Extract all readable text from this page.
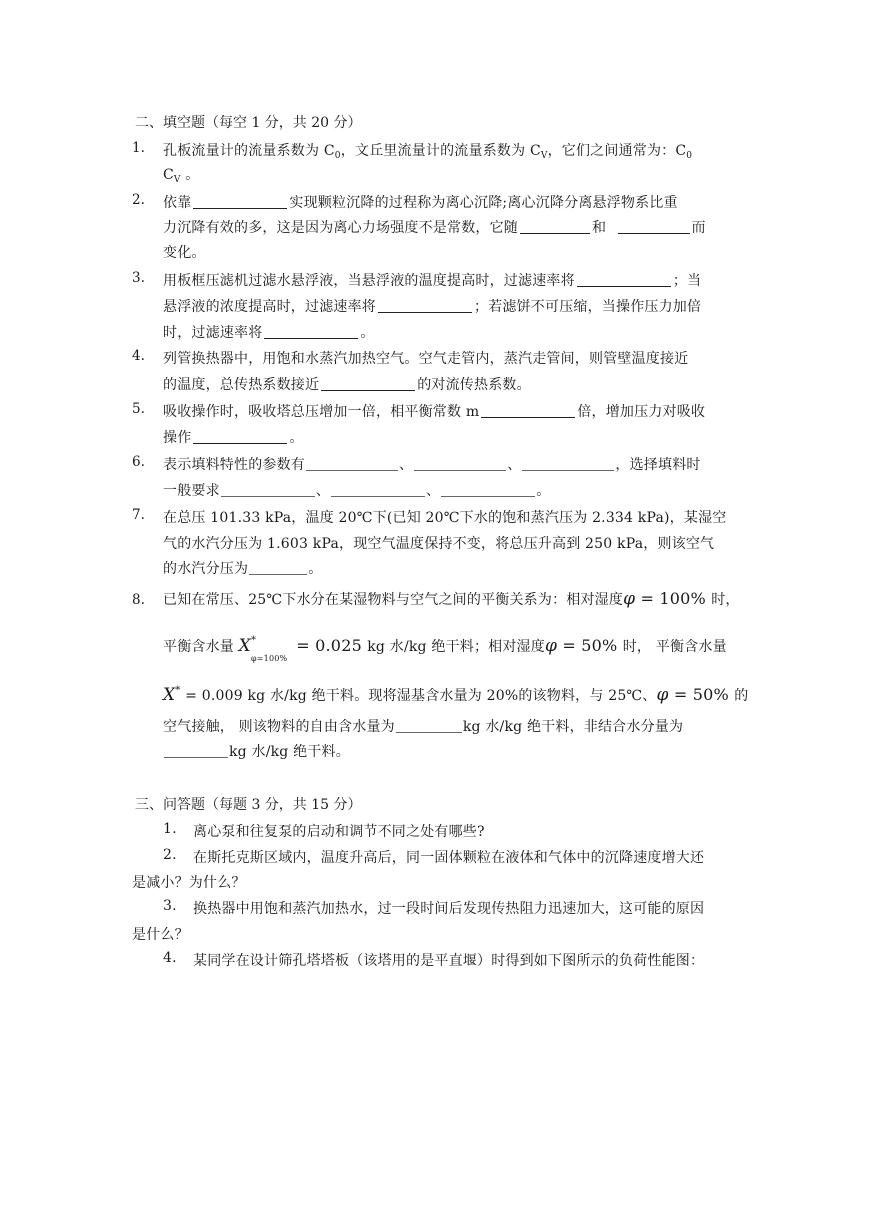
二、填空题（每空 1 分，共 20 分）
1. 孔板流量计的流量系数为 $C_0$，文丘里流量计的流量系数为 $C_V$，它们之间通常为：$C_0$
$C_V$ 。
2. 依靠	实现颗粒沉降的过程称为离心沉降;离心沉降分离悬浮物系比重
力沉降有效的多，这是因为离心力场强度不是常数，它随	和	而
变化。
3. 用板框压滤机过滤水悬浮液，当悬浮液的温度提高时，过滤速率将	；当
悬浮液的浓度提高时，过滤速率将	；若滤饼不可压缩，当操作压力加倍
时，过滤速率将	。
4. 列管换热器中，用饱和水蒸汽加热空气。空气走管内，蒸汽走管间，则管壁温度接近
的温度，总传热系数接近	的对流传热系数。
5. 吸收操作时，吸收塔总压增加一倍，相平衡常数 m	倍，增加压力对吸收
操作	。
6. 表示填料特性的参数有	、	、	，选择填料时
一般要求	、	、	。
7. 在总压 101.33 kPa，温度 20℃下(已知 20℃下水的饱和蒸汽压为 2.334 kPa)，某湿空
气的水汽分压为 1.603 kPa，现空气温度保持不变，将总压升高到 250 kPa，则该空气
的水汽分压为	。
8. 已知在常压、25℃下水分在某湿物料与空气之间的平衡关系为：相对湿度φ = 100% 时，
平衡含水量 X *
φ=100%
= 0.025 kg 水/kg 绝干料；相对湿度φ = 50% 时， 平衡含水量
X* = 0.009 kg 水/kg 绝干料。现将湿基含水量为 20%的该物料，与 25℃、φ = 50% 的
空气接触， 则该物料的自由含水量为	kg 水/kg 绝干料，非结合水分量为
kg 水/kg 绝干料。
三、问答题（每题 3 分，共 15 分）
1. 离心泵和往复泵的启动和调节不同之处有哪些?
2. 在斯托克斯区域内，温度升高后，同一固体颗粒在液体和气体中的沉降速度增大还
是减小？为什么？
3. 换热器中用饱和蒸汽加热水，过一段时间后发现传热阻力迅速加大，这可能的原因
是什么？
4. 某同学在设计筛孔塔塔板（该塔用的是平直堰）时得到如下图所示的负荷性能图：
